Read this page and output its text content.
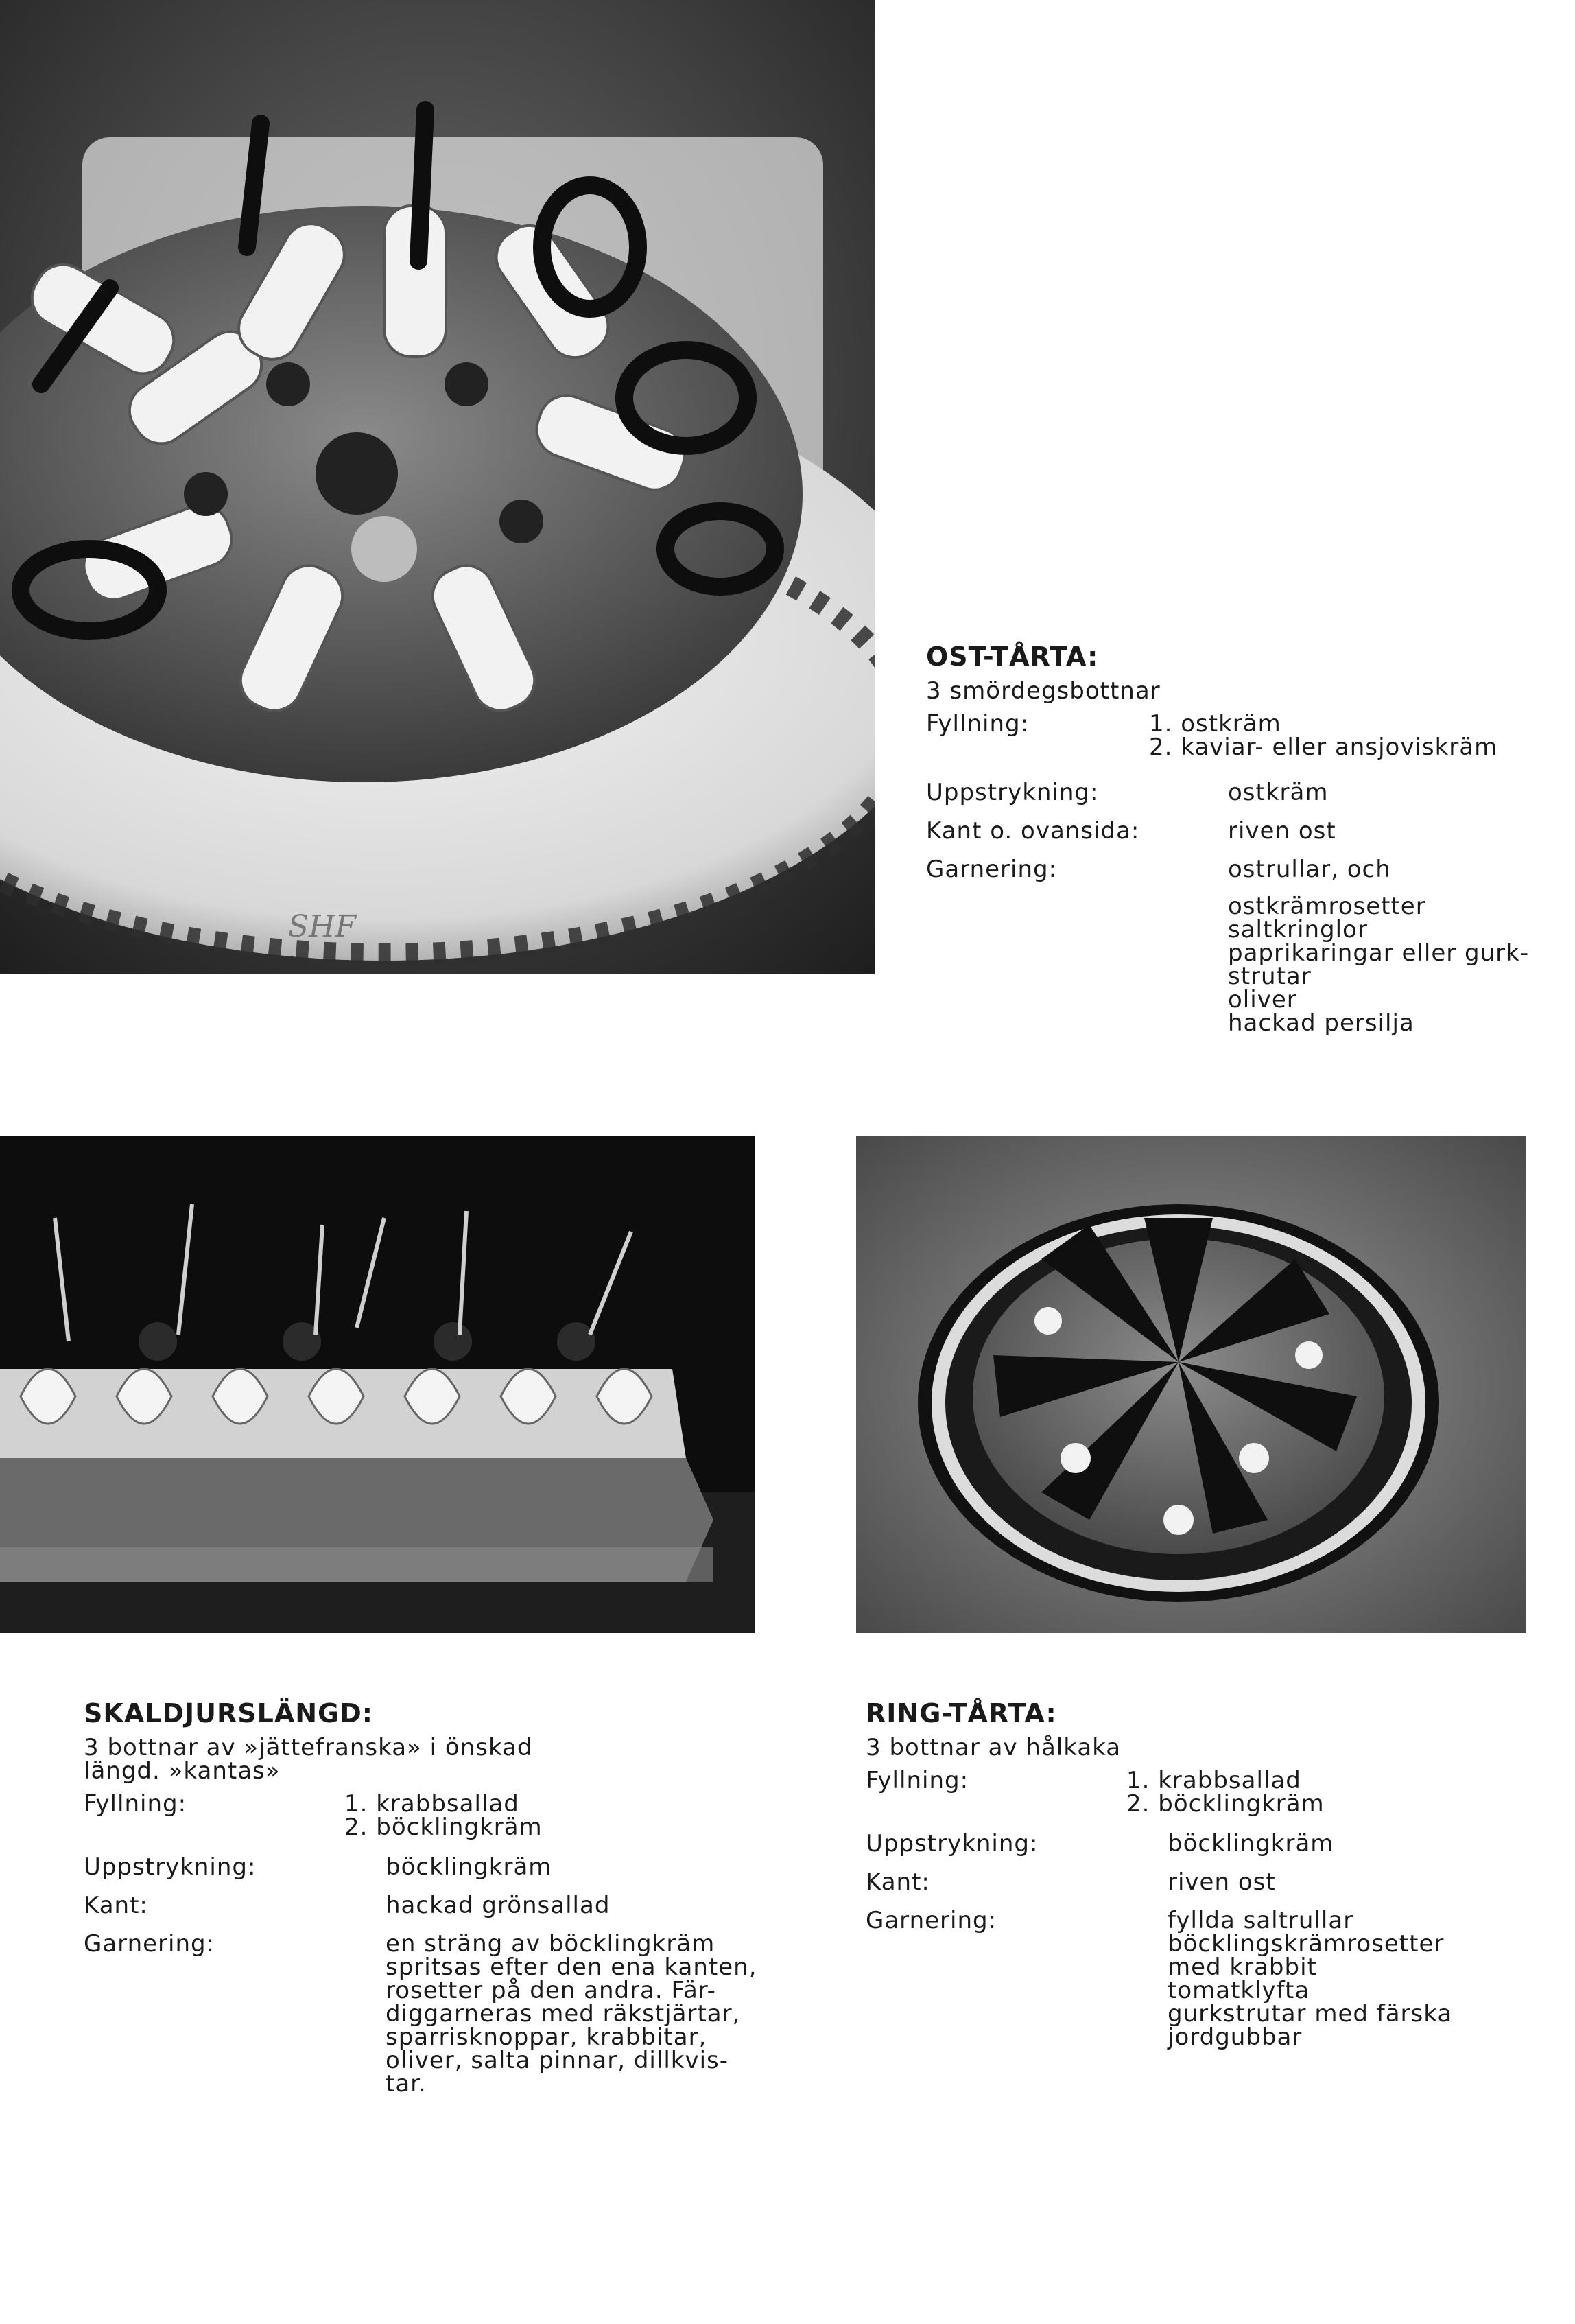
SHF
OST-TÅRTA:
3 smördegsbottnar
Fyllning:	1. ostkräm
2. kaviar- eller ansjoviskräm
Uppstrykning:	ostkräm
Kant o. ovansida:	riven ost
Garnering:	ostrullar, och
ostkrämrosetter
saltkringlor
paprikaringar eller gurk-
strutar
oliver
hackad persilja
SKALDJURSLÄNGD:
3 bottnar av »jättefranska» i önskad
längd. »kantas»
Fyllning:	1. krabbsallad
2. böcklingkräm
Uppstrykning:	böcklingkräm
Kant:	hackad grönsallad
Garnering:	en sträng av böcklingkräm
spritsas efter den ena kanten,
rosetter på den andra. Fär-
diggarneras med räkstjärtar,
sparrisknoppar, krabbitar,
oliver, salta pinnar, dillkvis-
tar.
RING-TÅRTA:
3 bottnar av hålkaka
Fyllning:	1. krabbsallad
2. böcklingkräm
Uppstrykning:	böcklingkräm
Kant:	riven ost
Garnering:	fyllda saltrullar
böcklingskrämrosetter
med krabbit
tomatklyfta
gurkstrutar med färska
jordgubbar
